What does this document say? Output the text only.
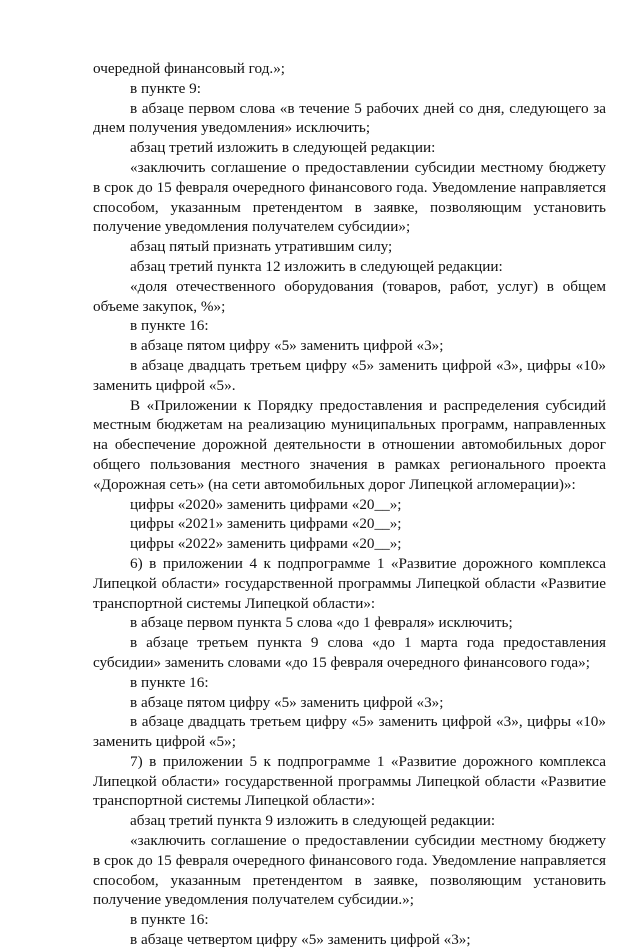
очередной финансовый год.»;

в пункте 9:

в абзаце первом слова «в течение 5 рабочих дней со дня, следующего за днем получения уведомления» исключить;

абзац третий изложить в следующей редакции:

«заключить соглашение о предоставлении субсидии местному бюджету в срок до 15 февраля очередного финансового года. Уведомление направляется способом, указанным претендентом в заявке, позволяющим установить получение уведомления получателем субсидии»;

абзац пятый признать утратившим силу;

абзац третий пункта 12 изложить в следующей редакции:

«доля отечественного оборудования (товаров, работ, услуг) в общем объеме закупок, %»;

в пункте 16:

в абзаце пятом цифру «5» заменить цифрой «3»;

в абзаце двадцать третьем цифру «5» заменить цифрой «3», цифры «10» заменить цифрой «5».

В «Приложении к Порядку предоставления и распределения субсидий местным бюджетам на реализацию муниципальных программ, направленных на обеспечение дорожной деятельности в отношении автомобильных дорог общего пользования местного значения в рамках регионального проекта «Дорожная сеть» (на сети автомобильных дорог Липецкой агломерации)»:

цифры «2020» заменить цифрами «20__»;

цифры «2021» заменить цифрами «20__»;

цифры «2022» заменить цифрами «20__»;

6) в приложении 4 к подпрограмме 1 «Развитие дорожного комплекса Липецкой области» государственной программы Липецкой области «Развитие транспортной системы Липецкой области»:

в абзаце первом пункта 5 слова «до 1 февраля» исключить;

в абзаце третьем пункта 9 слова «до 1 марта года предоставления субсидии» заменить словами «до 15 февраля очередного финансового года»;

в пункте 16:

в абзаце пятом цифру «5» заменить цифрой «3»;

в абзаце двадцать третьем цифру «5» заменить цифрой «3», цифры «10» заменить цифрой «5»;

7) в приложении 5 к подпрограмме 1 «Развитие дорожного комплекса Липецкой области» государственной программы Липецкой области «Развитие транспортной системы Липецкой области»:

абзац третий пункта 9 изложить в следующей редакции:

«заключить соглашение о предоставлении субсидии местному бюджету в срок до 15 февраля очередного финансового года. Уведомление направляется способом, указанным претендентом в заявке, позволяющим установить получение уведомления получателем субсидии.»;

в пункте 16:

в абзаце четвертом цифру «5» заменить цифрой «3»;
